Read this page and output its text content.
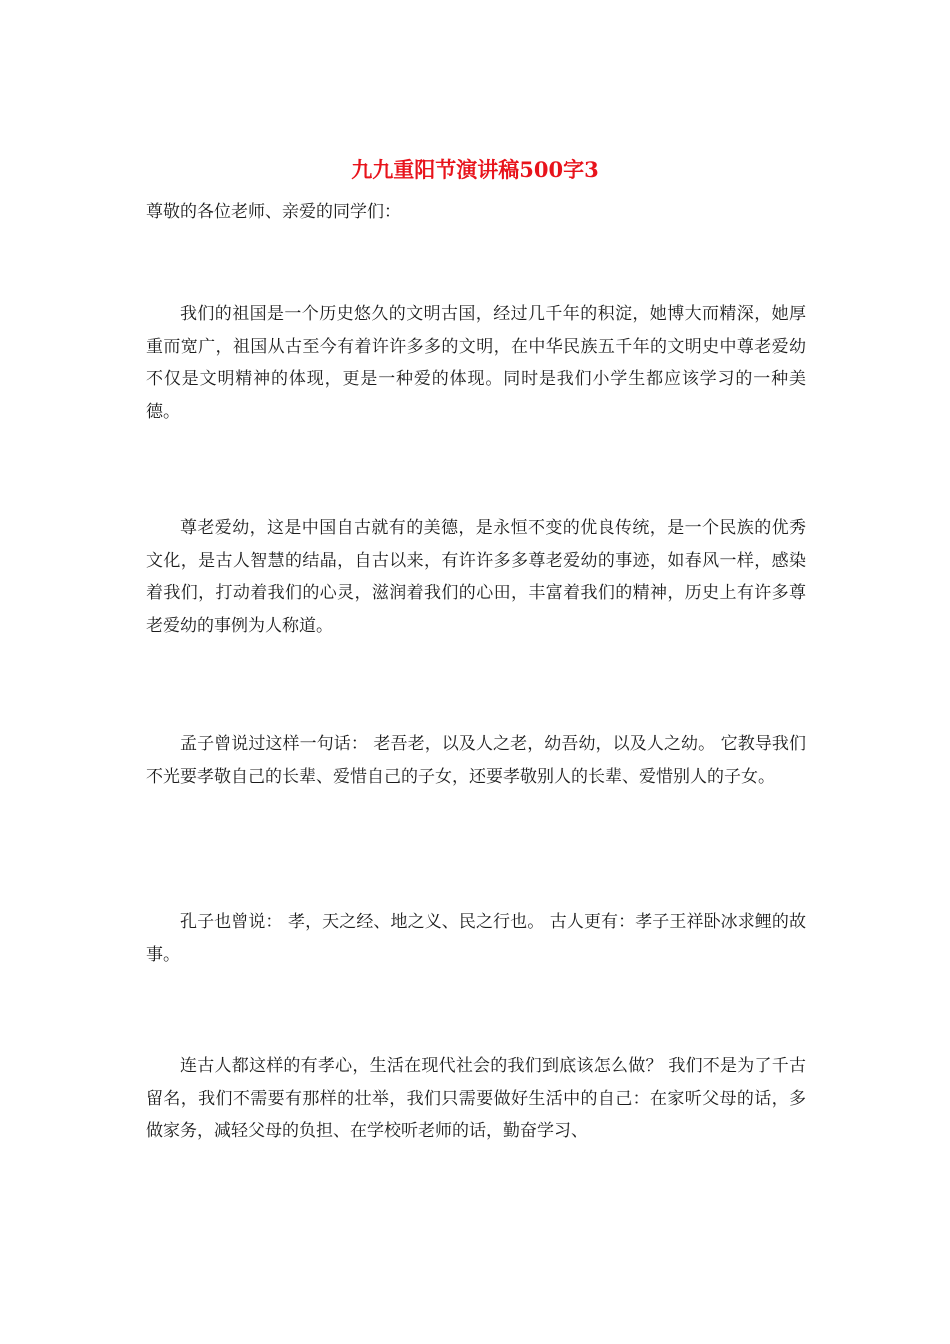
九九重阳节演讲稿500字3

尊敬的各位老师、亲爱的同学们：

我们的祖国是一个历史悠久的文明古国，经过几千年的积淀，她博大而精深，她厚重而宽广，祖国从古至今有着许许多多的文明，在中华民族五千年的文明史中尊老爱幼不仅是文明精神的体现，更是一种爱的体现。同时是我们小学生都应该学习的一种美德。

尊老爱幼，这是中国自古就有的美德，是永恒不变的优良传统，是一个民族的优秀文化，是古人智慧的结晶，自古以来，有许许多多尊老爱幼的事迹，如春风一样，感染着我们，打动着我们的心灵，滋润着我们的心田，丰富着我们的精神，历史上有许多尊老爱幼的事例为人称道。

孟子曾说过这样一句话： 老吾老，以及人之老，幼吾幼，以及人之幼。 它教导我们不光要孝敬自己的长辈、爱惜自己的子女，还要孝敬别人的长辈、爱惜别人的子女。

孔子也曾说： 孝，天之经、地之义、民之行也。 古人更有：孝子王祥卧冰求鲤的故事。

连古人都这样的有孝心，生活在现代社会的我们到底该怎么做？ 我们不是为了千古留名，我们不需要有那样的壮举，我们只需要做好生活中的自己：在家听父母的话，多做家务，减轻父母的负担、在学校听老师的话，勤奋学习、
